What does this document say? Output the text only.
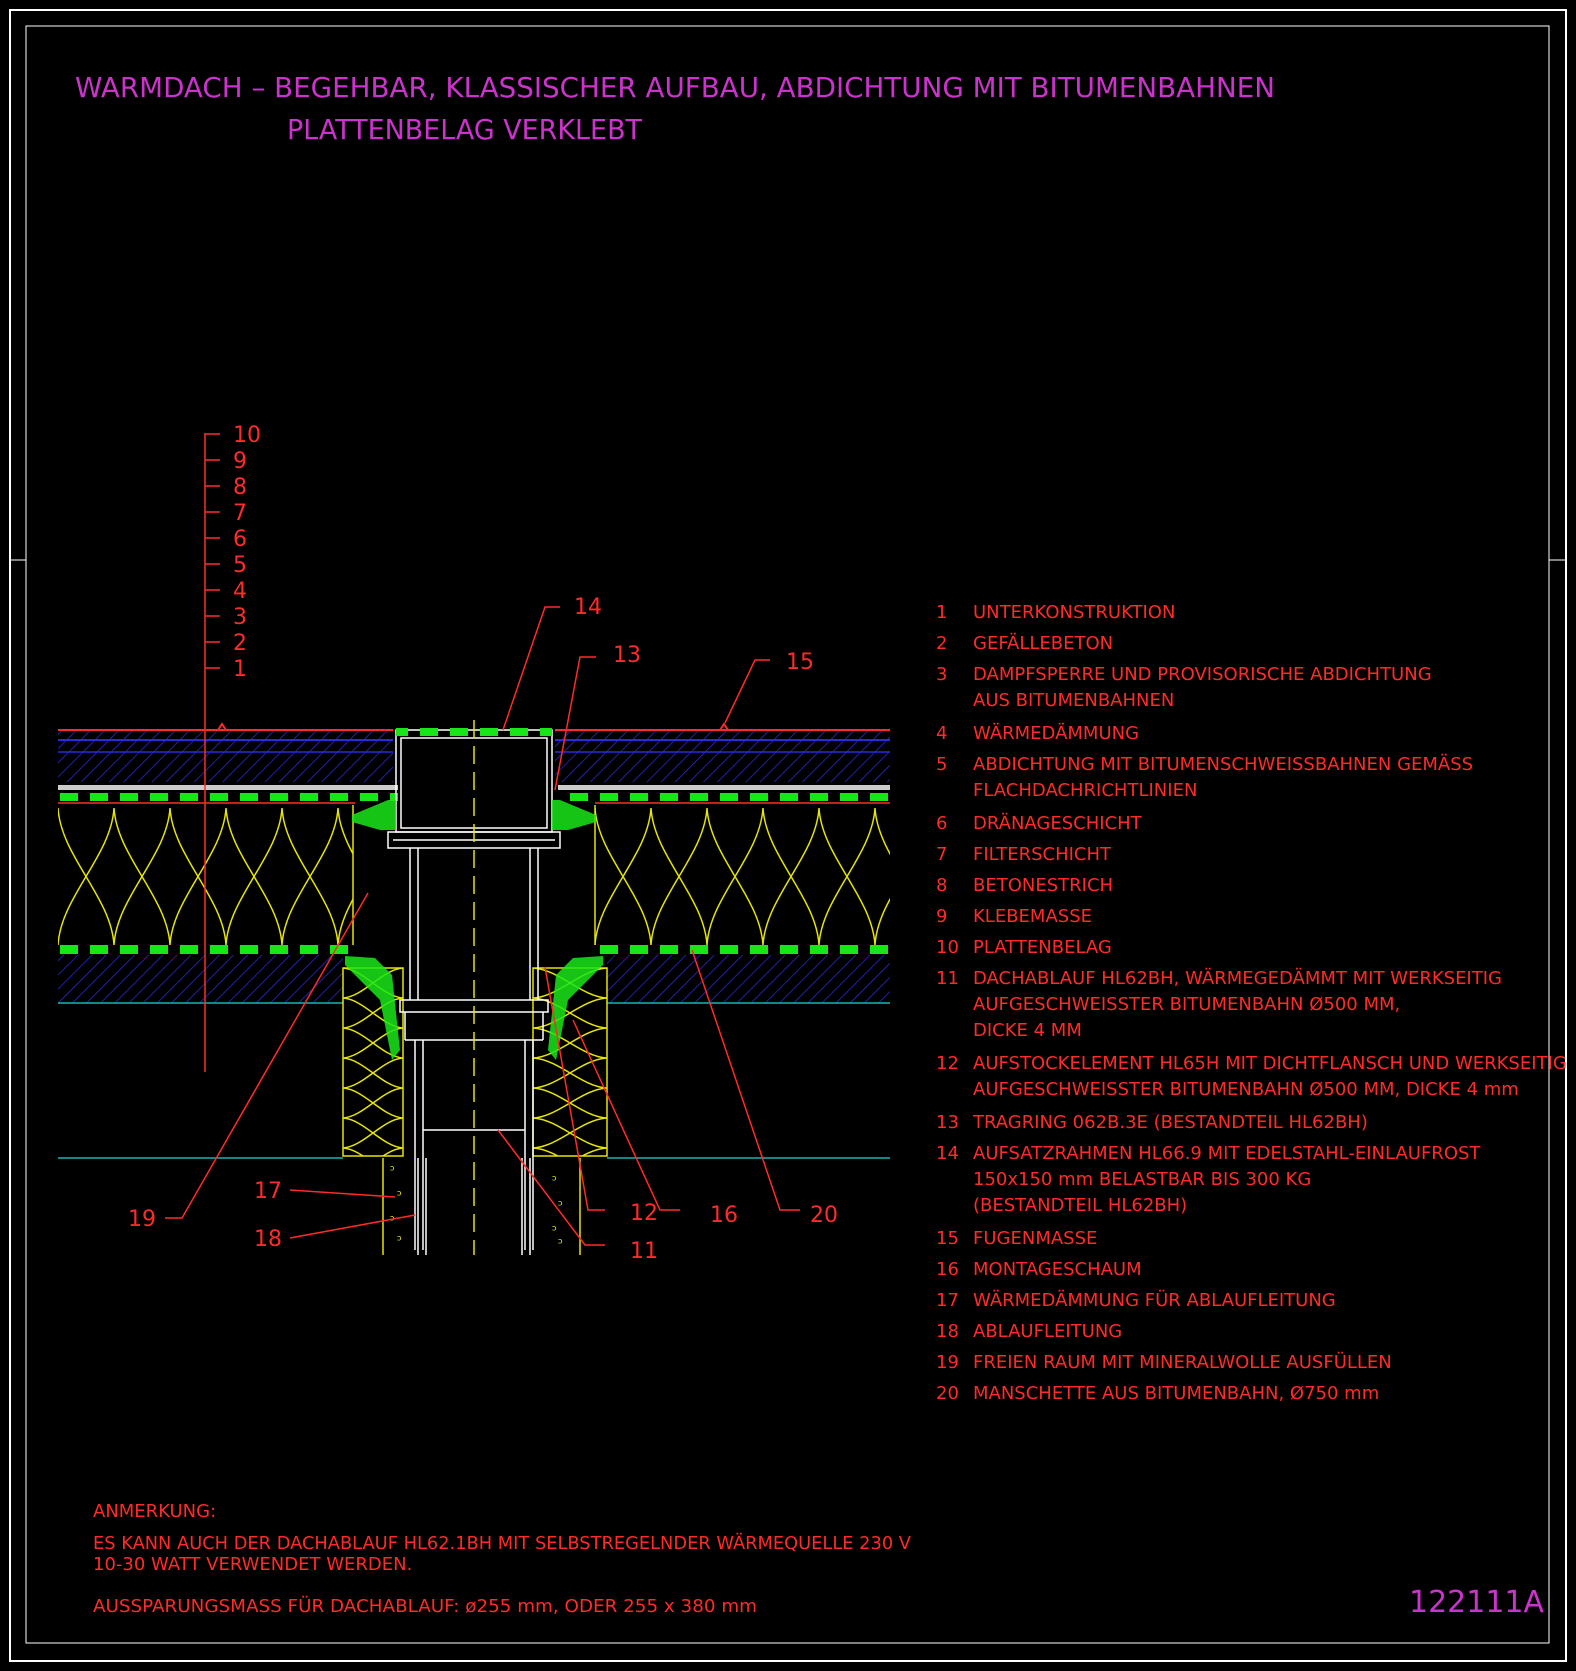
WARMDACH – BEGEHBAR, KLASSISCHER AUFBAU, ABDICHTUNG MIT BITUMENBAHNEN
PLATTENBELAG VERKLEBT
ᵓ
ᵓ
ᵓ
ᵓ
ᵓ
ᵓ
ᵓ
ᵓ
14
13	15
19
17
18
12 16	20
11
10
9
8
7
6
5
4
3
2
1
1 UNTERKONSTRUKTION
2 GEFÄLLEBETON
3 DAMPFSPERRE UND PROVISORISCHE ABDICHTUNG
AUS BITUMENBAHNEN
4 WÄRMEDÄMMUNG
5 ABDICHTUNG MIT BITUMENSCHWEISSBAHNEN GEMÄSS
FLACHDACHRICHTLINIEN
6 DRÄNAGESCHICHT
7 FILTERSCHICHT
8 BETONESTRICH
9 KLEBEMASSE
10 PLATTENBELAG
11 DACHABLAUF HL62BH, WÄRMEGEDÄMMT MIT WERKSEITIG
AUFGESCHWEISSTER BITUMENBAHN Ø500 MM,
DICKE 4 MM
12 AUFSTOCKELEMENT HL65H MIT DICHTFLANSCH UND WERKSEITIG
AUFGESCHWEISSTER BITUMENBAHN Ø500 MM, DICKE 4 mm
13 TRAGRING 062B.3E (BESTANDTEIL HL62BH)
14 AUFSATZRAHMEN HL66.9 MIT EDELSTAHL-EINLAUFROST
150x150 mm BELASTBAR BIS 300 KG
(BESTANDTEIL HL62BH)
15 FUGENMASSE
16 MONTAGESCHAUM
17 WÄRMEDÄMMUNG FÜR ABLAUFLEITUNG
18 ABLAUFLEITUNG
19 FREIEN RAUM MIT MINERALWOLLE AUSFÜLLEN
20 MANSCHETTE AUS BITUMENBAHN, Ø750 mm
ANMERKUNG:
ES KANN AUCH DER DACHABLAUF HL62.1BH MIT SELBSTREGELNDER WÄRMEQUELLE 230 V
10-30 WATT VERWENDET WERDEN.
AUSSPARUNGSMASS FÜR DACHABLAUF: ø255 mm, ODER 255 x 380 mm	122111A
